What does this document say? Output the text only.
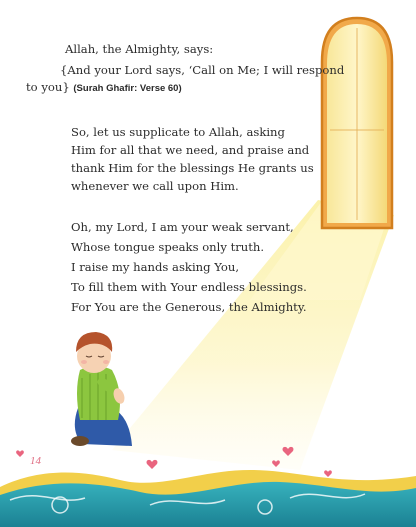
Allah, the Almighty, says:
{And your Lord says, ‘Call on Me; I will respond
to you} (Surah Ghafir: Verse 60)
So, let us supplicate to Allah, asking
Him for all that we need, and praise and
thank Him for the blessings He grants us
whenever we call upon Him.
Oh, my Lord, I am your weak servant,
Whose tongue speaks only truth.
I raise my hands asking You,
To fill them with Your endless blessings.
For You are the Generous, the Almighty.
14
